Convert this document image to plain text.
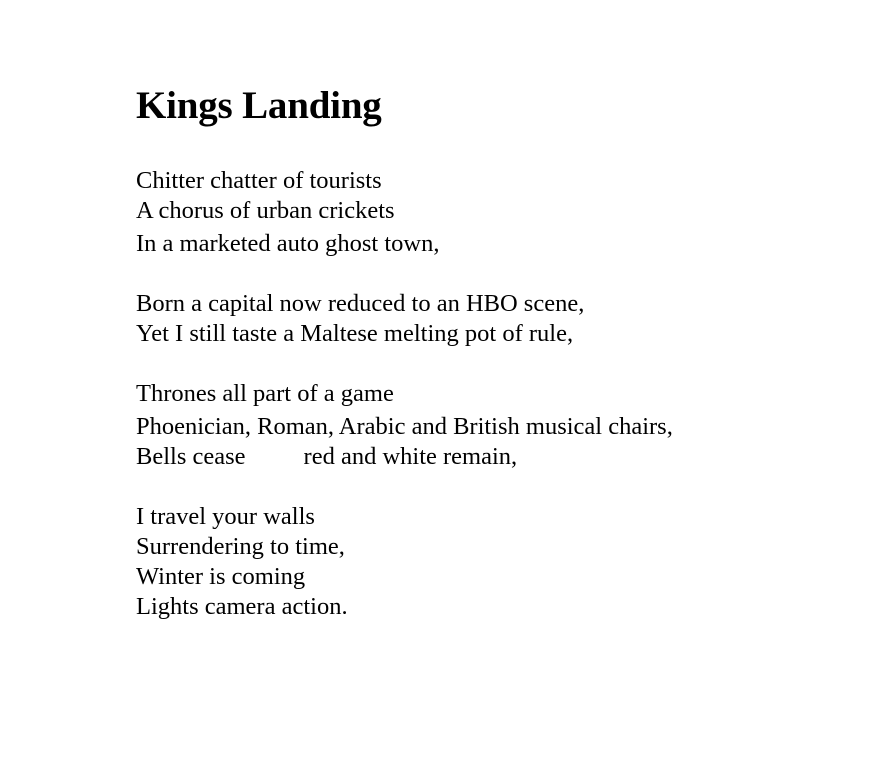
Kings Landing

Chitter chatter of tourists

A chorus of urban crickets

In a marketed auto ghost town,

Born a capital now reduced to an HBO scene,

Yet I still taste a Maltese melting pot of rule,

Thrones all part of a game

Phoenician, Roman, Arabic and British musical chairs,

Bells cease red and white remain,

I travel your walls

Surrendering to time,

Winter is coming

Lights camera action.
